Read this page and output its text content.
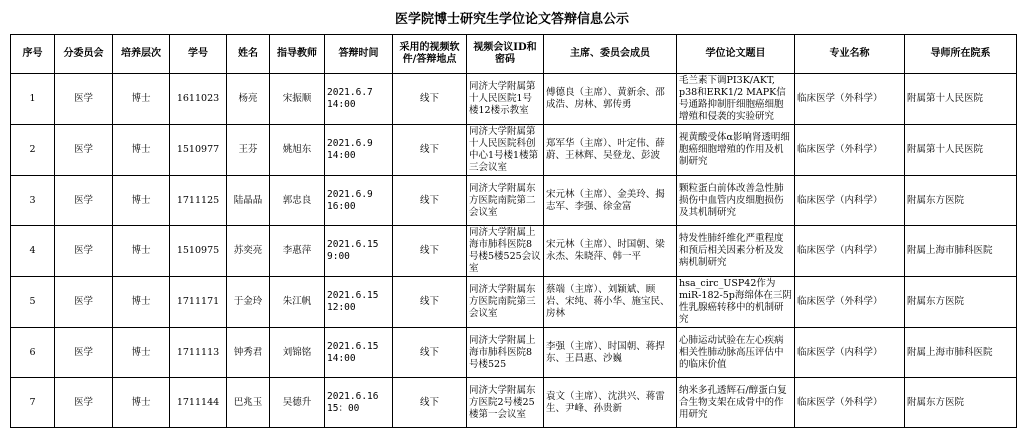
医学院博士研究生学位论文答辩信息公示
序号	分委员会	培养层次	学号	姓名	指导教师	答辩时间	采用的视频软件/答辩地点	视频会议ID和密码	主席、委员会成员	学位论文题目	专业名称	导师所在院系
1	医学	博士	1611023	杨亮	宋振顺	2021.6.7 14:00	线下	同济大学附属第十人民医院1号楼12楼示教室	傅德良（主席）、黄新余、邵成浩、房林、郭传勇	毛兰素下调PI3K/AKT, p38和ERK1/2 MAPK信号通路抑制肝细胞癌细胞增殖和侵袭的实验研究	临床医学（外科学）	附属第十人民医院
2	医学	博士	1510977	王芬	姚旭东	2021.6.9 14:00	线下	同济大学附属第十人民医院科创中心1号楼1楼第三会议室	郑军华（主席）、叶定伟、薛蔚、王林辉、吴登龙、彭波	视黄酸受体α影响肾透明细胞癌细胞增殖的作用及机制研究	临床医学（外科学）	附属第十人民医院
3	医学	博士	1711125	陆晶晶	郭忠良	2021.6.9 16:00	线下	同济大学附属东方医院南院第二会议室	宋元林（主席）、金美玲、揭志军、李强、徐金富	颗粒蛋白前体改善急性肺损伤中血管内皮细胞损伤及其机制研究	临床医学（内科学）	附属东方医院
4	医学	博士	1510975	苏奕亮	李惠萍	2021.6.15 9:00	线下	同济大学附属上海市肺科医院8号楼5楼525会议室	宋元林（主席）、时国朝、梁永杰、朱晓萍、韩一平	特发性肺纤维化严重程度和预后相关因素分析及发病机制研究	临床医学（内科学）	附属上海市肺科医院
5	医学	博士	1711171	于金玲	朱江帆	2021.6.15 12:00	线下	同济大学附属东方医院南院第三会议室	蔡端（主席）、刘颖斌、顾岩、宋纯、蒋小华、施宝民、房林	hsa_circ_USP42作为miR-182-5p海绵体在三阴性乳腺癌转移中的机制研究	临床医学（外科学）	附属东方医院
6	医学	博士	1711113	钟秀君	刘锦铭	2021.6.15 14:00	线下	同济大学附属上海市肺科医院8号楼525	李强（主席）、时国朝、蒋捍东、王昌惠、沙巍	心肺运动试验在左心疾病相关性肺动脉高压评估中的临床价值	临床医学（内科学）	附属上海市肺科医院
7	医学	博士	1711144	巴兆玉	吴德升	2021.6.16 15：00	线下	同济大学附属东方医院2号楼25楼第一会议室	袁文（主席）、沈洪兴、蒋雷生、尹峰、孙贵新	纳米多孔透辉石/醇蛋白复合生物支架在成骨中的作用研究	临床医学（外科学）	附属东方医院
